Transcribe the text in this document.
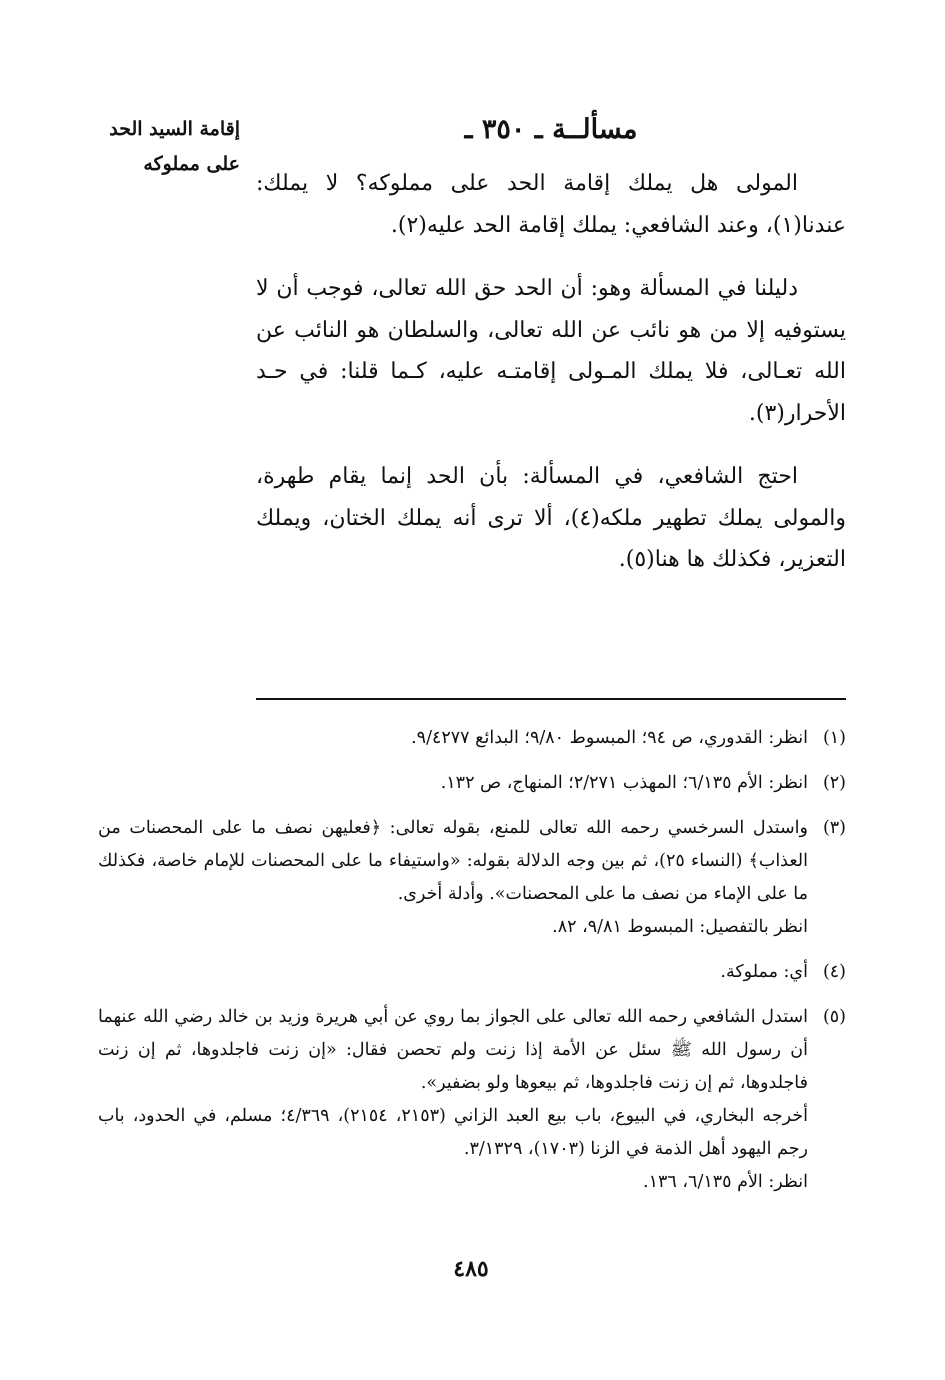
إقامة السيد الحد
على مملوكه
مسألــة ـ ٣٥٠ ـ

المولى هل يملك إقامة الحد على مملوكه؟ لا يملك: عندنا(١)، وعند الشافعي: يملك إقامة الحد عليه(٢).

دليلنا في المسألة وهو: أن الحد حق الله تعالى، فوجب أن لا يستوفيه إلا من هو نائب عن الله تعالى، والسلطان هو النائب عن الله تعـالى، فلا يملك المـولى إقامتـه عليه، كـما قلنا: في حـد الأحرار(٣).

احتج الشافعي، في المسألة: بأن الحد إنما يقام طهرة، والمولى يملك تطهير ملكه(٤)، ألا ترى أنه يملك الختان، ويملك التعزير، فكذلك ها هنا(٥).

(١)
انظر: القدوري، ص ٩٤؛ المبسوط ٩/٨٠؛ البدائع ٩/٤٢٧٧.
(٢)
انظر: الأم ٦/١٣٥؛ المهذب ٢/٢٧١؛ المنهاج، ص ١٣٢.
(٣)
واستدل السرخسي رحمه الله تعالى للمنع، بقوله تعالى: ﴿فعليهن نصف ما على المحصنات من العذاب﴾ (النساء ٢٥)، ثم بين وجه الدلالة بقوله: «واستيفاء ما على المحصنات للإمام خاصة، فكذلك ما على الإماء من نصف ما على المحصنات». وأدلة أخرى.
انظر بالتفصيل: المبسوط ٩/٨١، ٨٢.
(٤)
أي: مملوكة.
(٥)
استدل الشافعي رحمه الله تعالى على الجواز بما روي عن أبي هريرة وزيد بن خالد رضي الله عنهما أن رسول الله ﷺ سئل عن الأمة إذا زنت ولم تحصن فقال: «إن زنت فاجلدوها، ثم إن زنت فاجلدوها، ثم إن زنت فاجلدوها، ثم بيعوها ولو بضفير».
أخرجه البخاري، في البيوع، باب بيع العبد الزاني (٢١٥٣، ٢١٥٤)، ٤/٣٦٩؛ مسلم، في الحدود، باب رجم اليهود أهل الذمة في الزنا (١٧٠٣)، ٣/١٣٢٩.
انظر: الأم ٦/١٣٥، ١٣٦.
٤٨٥
